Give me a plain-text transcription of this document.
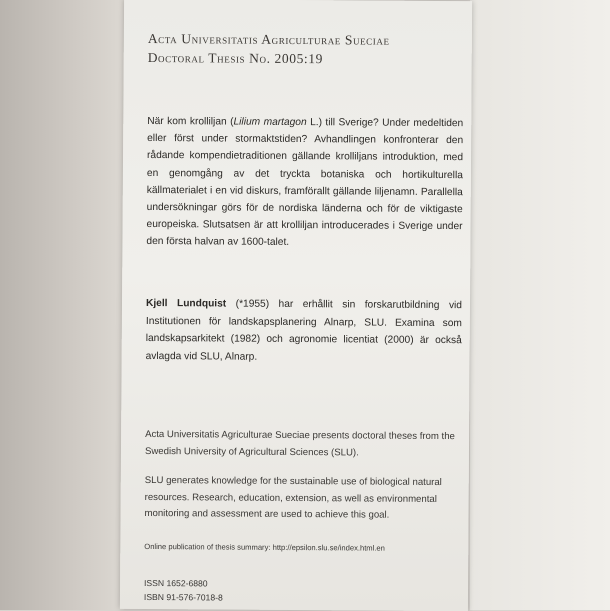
Acta Universitatis Agriculturae Sueciae
Doctoral Thesis No. 2005:19
När kom krolliljan (Lilium martagon L.) till Sverige? Under medeltiden eller först under stormaktstiden? Avhandlingen konfronterar den rådande kompendietraditionen gällande krolliljans introduktion, med en genomgång av det tryckta botaniska och hortikulturella källmaterialet i en vid diskurs, framförallt gällande liljenamn. Parallella undersökningar görs för de nordiska länderna och för de viktigaste europeiska. Slutsatsen är att krolliljan introducerades i Sverige under den första halvan av 1600-talet.
Kjell Lundquist (*1955) har erhållit sin forskarutbildning vid Institutionen för landskapsplanering Alnarp, SLU. Examina som landskapsarkitekt (1982) och agronomie licentiat (2000) är också avlagda vid SLU, Alnarp.
Acta Universitatis Agriculturae Sueciae presents doctoral theses from the Swedish University of Agricultural Sciences (SLU).
SLU generates knowledge for the sustainable use of biological natural resources. Research, education, extension, as well as environmental monitoring and assessment are used to achieve this goal.
Online publication of thesis summary: http://epsilon.slu.se/index.html.en
ISSN 1652-6880
ISBN 91-576-7018-8
